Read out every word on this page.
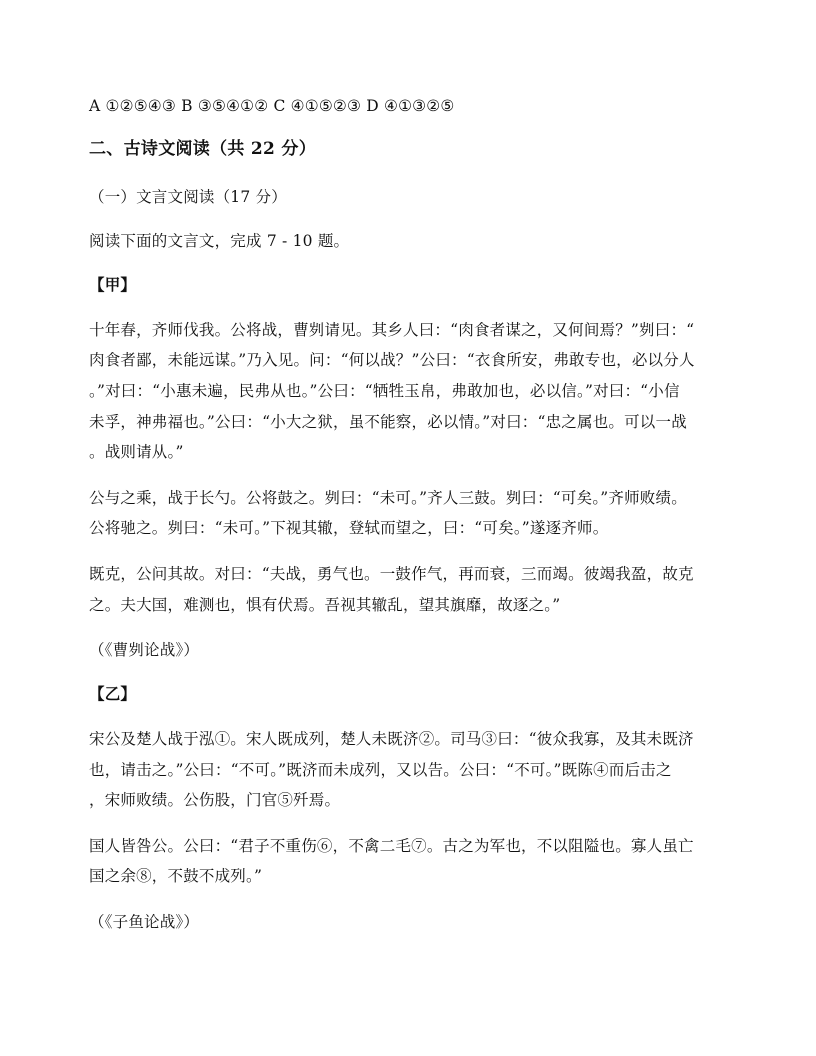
A ①②⑤④③ B ③⑤④①② C ④①⑤②③ D ④①③②⑤
二、古诗文阅读（共 22 分）
（一）文言文阅读（17 分）
阅读下面的文言文，完成 7 - 10 题。
【甲】
十年春，齐师伐我。公将战，曹刿请见。其乡人曰：“肉食者谋之，又何间焉？”刿曰：“
肉食者鄙，未能远谋。”乃入见。问：“何以战？”公曰：“衣食所安，弗敢专也，必以分人
。”对曰：“小惠未遍，民弗从也。”公曰：“牺牲玉帛，弗敢加也，必以信。”对曰：“小信
未孚，神弗福也。”公曰：“小大之狱，虽不能察，必以情。”对曰：“忠之属也。可以一战
。战则请从。”
公与之乘，战于长勺。公将鼓之。刿曰：“未可。”齐人三鼓。刿曰：“可矣。”齐师败绩。
公将驰之。刿曰：“未可。”下视其辙，登轼而望之，曰：“可矣。”遂逐齐师。
既克，公问其故。对曰：“夫战，勇气也。一鼓作气，再而衰，三而竭。彼竭我盈，故克
之。夫大国，难测也，惧有伏焉。吾视其辙乱，望其旗靡，故逐之。”
（《曹刿论战》）
【乙】
宋公及楚人战于泓①。宋人既成列，楚人未既济②。司马③曰：“彼众我寡，及其未既济
也，请击之。”公曰：“不可。”既济而未成列，又以告。公曰：“不可。”既陈④而后击之
，宋师败绩。公伤股，门官⑤歼焉。
国人皆咎公。公曰：“君子不重伤⑥，不禽二毛⑦。古之为军也，不以阻隘也。寡人虽亡
国之余⑧，不鼓不成列。”
（《子鱼论战》）
